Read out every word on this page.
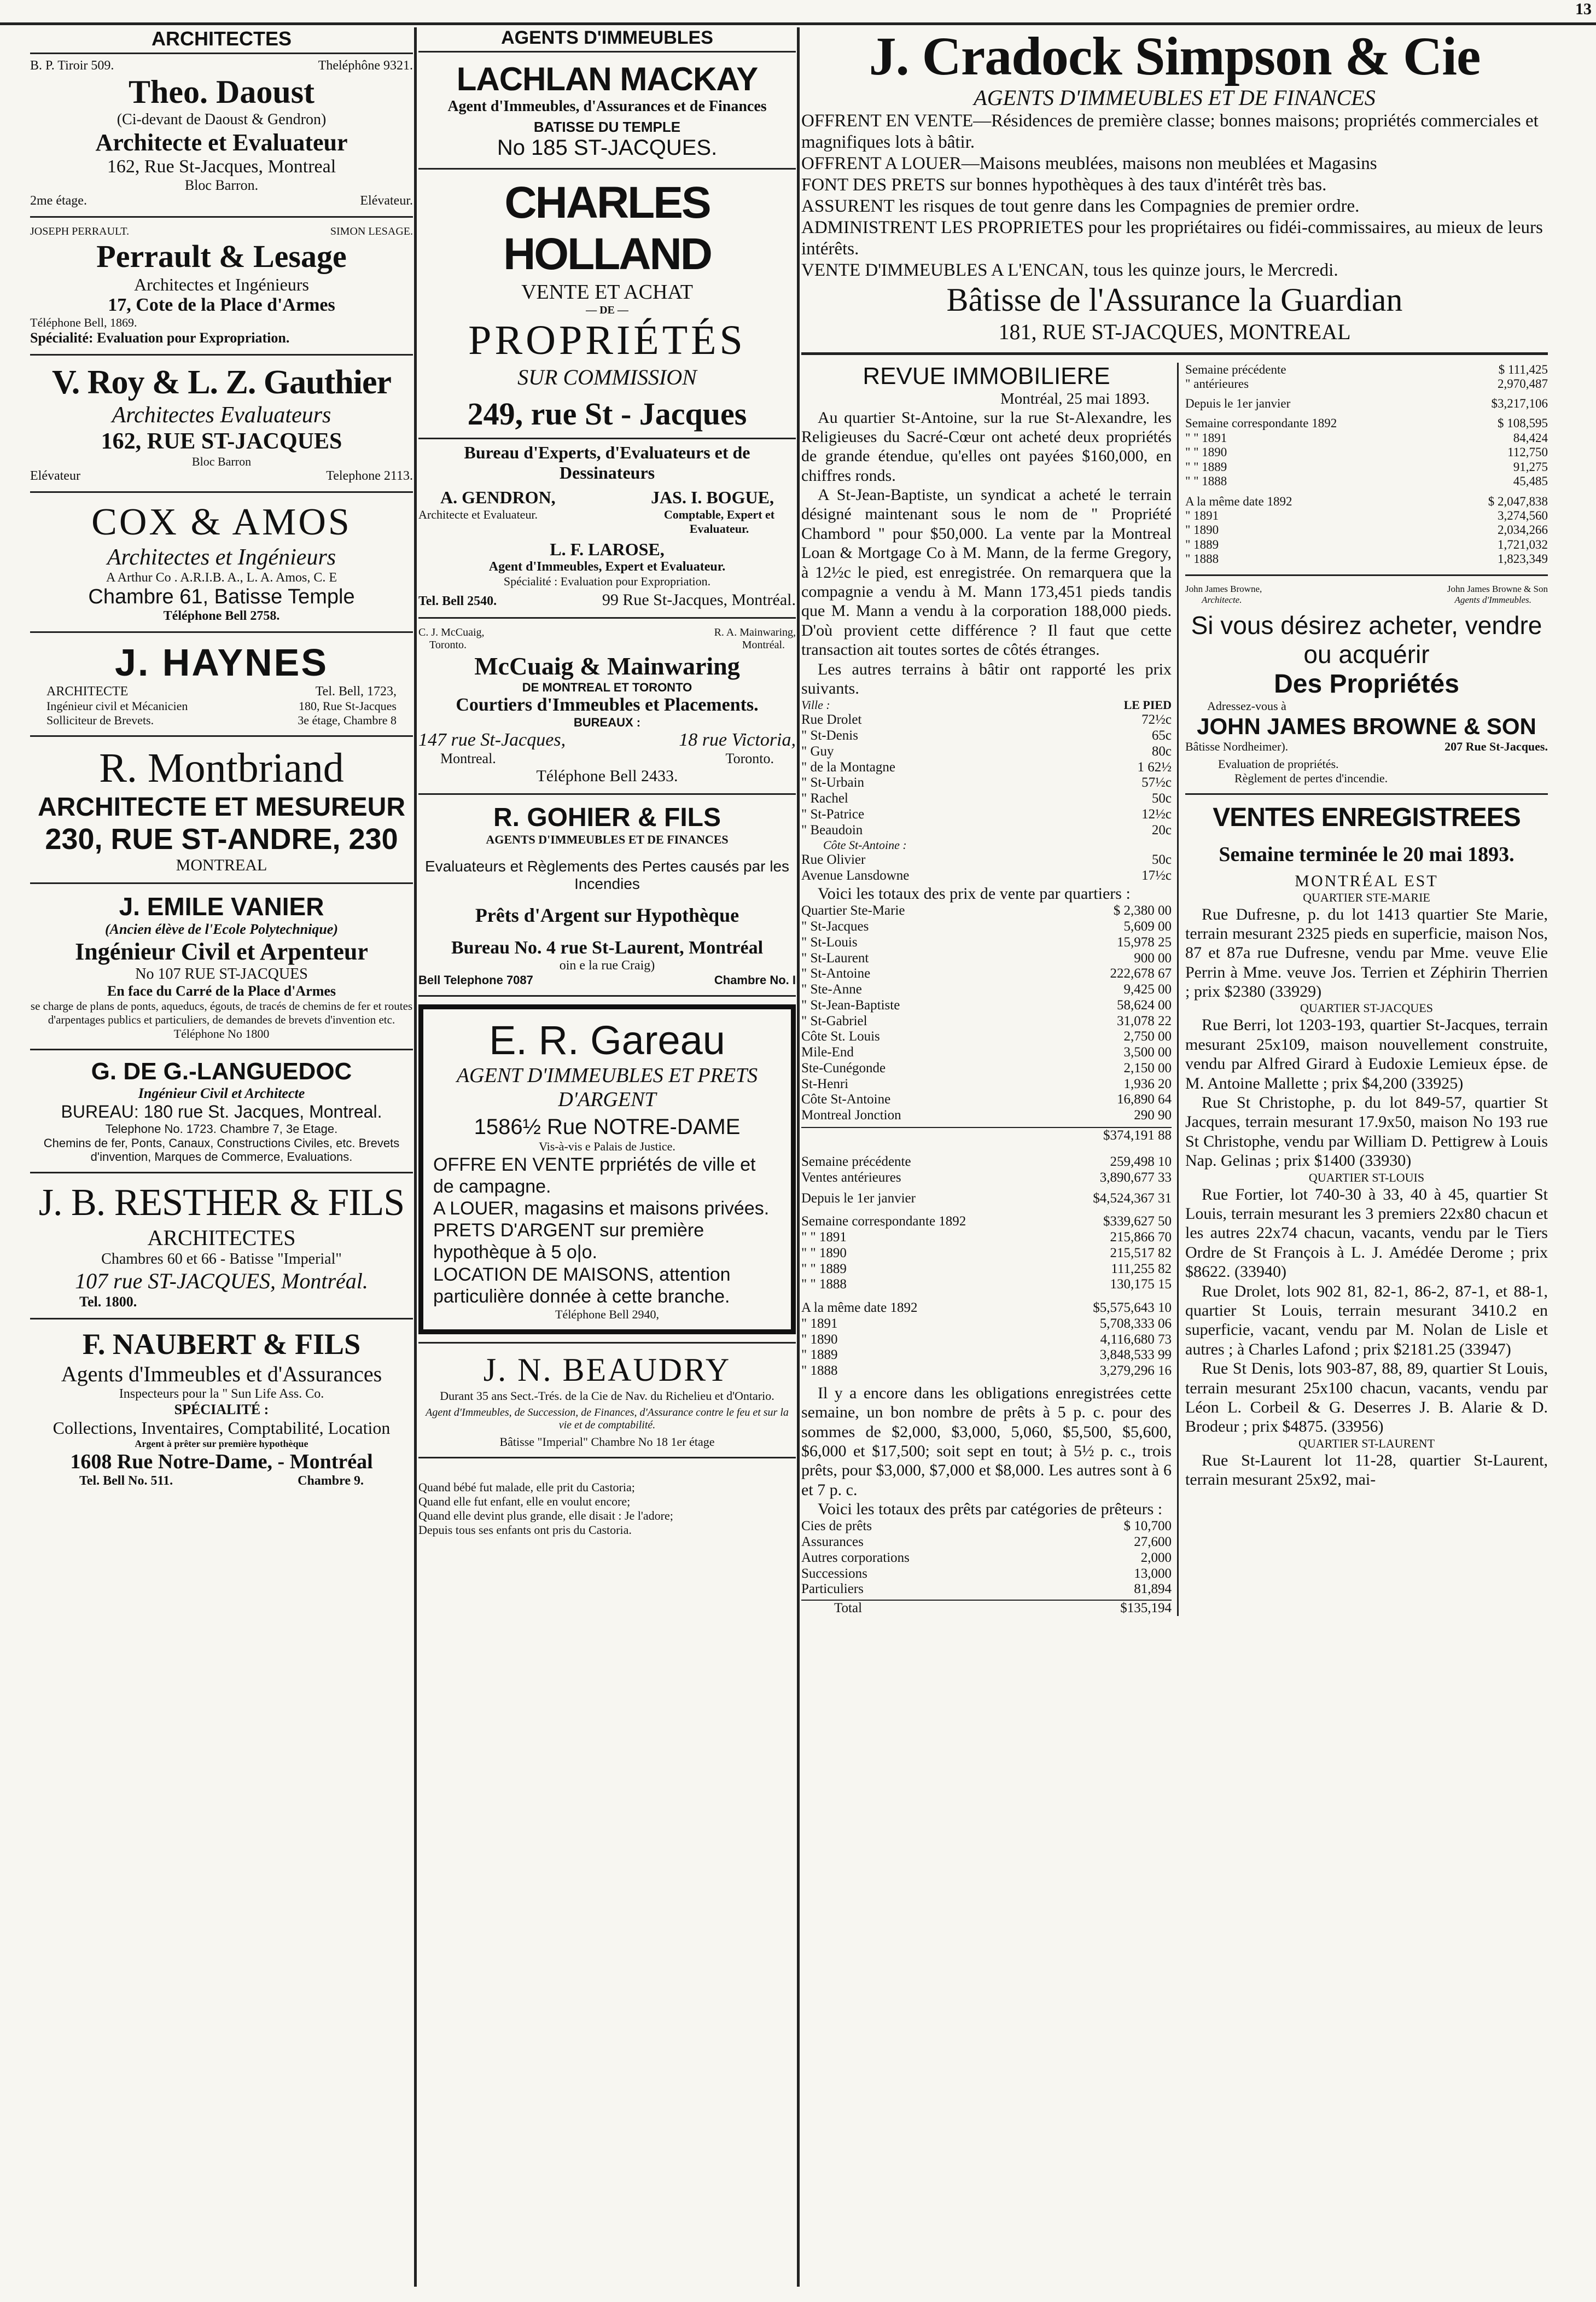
13
ARCHITECTES
B. P. Tiroir 509.	Theléphône 9321.
Theo. Daoust
(Ci-devant de Daoust & Gendron)
Architecte et Evaluateur
162, Rue St-Jacques, Montreal
Bloc Barron.
2me étage.	Elévateur.
JOSEPH PERRAULT.	SIMON LESAGE.
Perrault & Lesage
Architectes et Ingénieurs
17, Cote de la Place d'Armes
Téléphone Bell, 1869.
Spécialité: Evaluation pour Expropriation.
V. Roy & L. Z. Gauthier
Architectes Evaluateurs
162, RUE ST-JACQUES
Bloc Barron
Elévateur	Telephone 2113.
COX & AMOS
Architectes et Ingénieurs
A Arthur Co . A.R.I.B. A., L. A. Amos, C. E
Chambre 61, Batisse Temple
Téléphone Bell 2758.
J. HAYNES
ARCHITECTE	Tel. Bell, 1723,
Ingénieur civil et Mécanicien	180, Rue St-Jacques
Solliciteur de Brevets.	3e étage, Chambre 8
R. Montbriand
ARCHITECTE ET MESUREUR
230, RUE ST-ANDRE, 230
MONTREAL
J. EMILE VANIER
(Ancien élève de l'Ecole Polytechnique)
Ingénieur Civil et Arpenteur
No 107 RUE ST-JACQUES
En face du Carré de la Place d'Armes

se charge de plans de ponts, aqueducs, égouts, de tracés de chemins de fer et routes d'arpentages publics et particuliers, de demandes de brevets d'invention etc.

Téléphone No 1800
G. DE G.-LANGUEDOC
Ingénieur Civil et Architecte
BUREAU: 180 rue St. Jacques, Montreal.
Telephone No. 1723. Chambre 7, 3e Etage.

Chemins de fer, Ponts, Canaux, Constructions Civiles, etc. Brevets d'invention, Marques de Commerce, Evaluations.

J. B. RESTHER & FILS
ARCHITECTES
Chambres 60 et 66 - Batisse "Imperial"
107 rue ST-JACQUES, Montréal.
Tel. 1800.
F. NAUBERT & FILS
Agents d'Immeubles et d'Assurances
Inspecteurs pour la " Sun Life Ass. Co.
SPÉCIALITÉ :
Collections, Inventaires, Comptabilité, Location
Argent à prêter sur première hypothèque
1608 Rue Notre-Dame, - Montréal
Tel. Bell No. 511.	Chambre 9.
AGENTS D'IMMEUBLES
LACHLAN MACKAY
Agent d'Immeubles, d'Assurances et de Finances
BATISSE DU TEMPLE
No 185 ST-JACQUES.
CHARLES HOLLAND
VENTE ET ACHAT
— DE —
PROPRIÉTÉS
SUR COMMISSION
249, rue St - Jacques
Bureau d'Experts, d'Evaluateurs et de Dessinateurs
A. GENDRON,	JAS. I. BOGUE,
Architecte et Evaluateur.	Comptable, Expert et Evaluateur.
L. F. LAROSE,
Agent d'Immeubles, Expert et Evaluateur.
Spécialité : Evaluation pour Expropriation.
Tel. Bell 2540.	99 Rue St-Jacques, Montréal.
C. J. McCuaig,	R. A. Mainwaring,
Toronto.	Montréal.
McCuaig & Mainwaring
DE MONTREAL ET TORONTO
Courtiers d'Immeubles et Placements.
BUREAUX :
147 rue St-Jacques,	18 rue Victoria,
Montreal.	Toronto.
Téléphone Bell 2433.
R. GOHIER & FILS
AGENTS D'IMMEUBLES ET DE FINANCES
Evaluateurs et Règlements des Pertes causés par les Incendies
Prêts d'Argent sur Hypothèque
Bureau No. 4 rue St-Laurent, Montréal
oin e la rue Craig)
Bell Telephone 7087	Chambre No. I
E. R. Gareau
AGENT D'IMMEUBLES ET PRETS D'ARGENT
1586½ Rue NOTRE-DAME
Vis-à-vis e Palais de Justice.

OFFRE EN VENTE prpriétés de ville et de campagne.

A LOUER, magasins et maisons privées.

PRETS D'ARGENT sur première hypothèque à 5 o|o.

LOCATION DE MAISONS, attention particulière donnée à cette branche.

Téléphone Bell 2940,
J. N. BEAUDRY
Durant 35 ans Sect.-Trés. de la Cie de Nav. du Richelieu et d'Ontario.
Agent d'Immeubles, de Succession, de Finances, d'Assurance contre le feu et sur la vie et de comptabilité.
Bâtisse "Imperial" Chambre No 18 1er étage
Quand bébé fut malade, elle prit du Castoria;
Quand elle fut enfant, elle en voulut encore;
Quand elle devint plus grande, elle disait : Je l'adore;
Depuis tous ses enfants ont pris du Castoria.
J. Cradock Simpson & Cie
AGENTS D'IMMEUBLES ET DE FINANCES

OFFRENT EN VENTE—Résidences de première classe; bonnes maisons; propriétés commerciales et magnifiques lots à bâtir.

OFFRENT A LOUER—Maisons meublées, maisons non meublées et Magasins

FONT DES PRETS sur bonnes hypothèques à des taux d'intérêt très bas.

ASSURENT les risques de tout genre dans les Compagnies de premier ordre.

ADMINISTRENT LES PROPRIETES pour les propriétaires ou fidéi-commissaires, au mieux de leurs intérêts.

VENTE D'IMMEUBLES A L'ENCAN, tous les quinze jours, le Mercredi.

Bâtisse de l'Assurance la Guardian
181, RUE ST-JACQUES, MONTREAL
REVUE IMMOBILIERE
Montréal, 25 mai 1893.

Au quartier St-Antoine, sur la rue St-Alexandre, les Religieuses du Sacré-Cœur ont acheté deux propriétés de grande étendue, qu'elles ont payées $160,000, en chiffres ronds.

A St-Jean-Baptiste, un syndicat a acheté le terrain désigné maintenant sous le nom de " Propriété Chambord " pour $50,000. La vente par la Montreal Loan & Mortgage Co à M. Mann, de la ferme Gregory, à 12½c le pied, est enregistrée. On remarquera que la compagnie a vendu à M. Mann 173,451 pieds tandis que M. Mann a vendu à la corporation 188,000 pieds. D'où provient cette différence ? Il faut que cette transaction ait toutes sortes de côtés étranges.

Les autres terrains à bâtir ont rapporté les prix suivants.

Ville :	LE PIED
Rue Drolet	72½c
" St-Denis	65c
" Guy	80c
" de la Montagne	1 62½
" St-Urbain	57½c
" Rachel	50c
" St-Patrice	12½c
" Beaudoin	20c
Côte St-Antoine :
Rue Olivier	50c
Avenue Lansdowne	17½c

Voici les totaux des prix de vente par quartiers :

Quartier Ste-Marie	$ 2,380 00
" St-Jacques	5,609 00
" St-Louis	15,978 25
" St-Laurent	900 00
" St-Antoine	222,678 67
" Ste-Anne	9,425 00
" St-Jean-Baptiste	58,624 00
" St-Gabriel	31,078 22
Côte St. Louis	2,750 00
Mile-End	3,500 00
Ste-Cunégonde	2,150 00
St-Henri	1,936 20
Côte St-Antoine	16,890 64
Montreal Jonction	290 90
$374,191 88
Semaine précédente	259,498 10
Ventes antérieures	3,890,677 33
Depuis le 1er janvier	$4,524,367 31
Semaine correspondante 1892	$339,627 50
" " 1891	215,866 70
" " 1890	215,517 82
" " 1889	111,255 82
" " 1888	130,175 15
A la même date 1892	$5,575,643 10
" 1891	5,708,333 06
" 1890	4,116,680 73
" 1889	3,848,533 99
" 1888	3,279,296 16

Il y a encore dans les obligations enregistrées cette semaine, un bon nombre de prêts à 5 p. c. pour des sommes de $2,000, $3,000, 5,060, $5,500, $5,600, $6,000 et $17,500; soit sept en tout; à 5½ p. c., trois prêts, pour $3,000, $7,000 et $8,000. Les autres sont à 6 et 7 p. c.

Voici les totaux des prêts par catégories de prêteurs :

Cies de prêts	$ 10,700
Assurances	27,600
Autres corporations	2,000
Successions	13,000
Particuliers	81,894
Total	$135,194
Semaine précédente	$ 111,425
" antérieures	2,970,487
Depuis le 1er janvier	$3,217,106
Semaine correspondante 1892	$ 108,595
" " 1891	84,424
" " 1890	112,750
" " 1889	91,275
" " 1888	45,485
A la même date 1892	$ 2,047,838
" 1891	3,274,560
" 1890	2,034,266
" 1889	1,721,032
" 1888	1,823,349
John James Browne,	John James Browne & Son
Architecte.	Agents d'Immeubles.
Si vous désirez acheter, vendre ou acquérir
Des Propriétés
Adressez-vous à
JOHN JAMES BROWNE & SON
Bâtisse Nordheimer).	207 Rue St-Jacques.
Evaluation de propriétés.
Règlement de pertes d'incendie.
VENTES ENREGISTREES
Semaine terminée le 20 mai 1893.
MONTRÉAL EST
QUARTIER STE-MARIE

Rue Dufresne, p. du lot 1413 quartier Ste Marie, terrain mesurant 2325 pieds en superficie, maison Nos, 87 et 87a rue Dufresne, vendu par Mme. veuve Elie Perrin à Mme. veuve Jos. Terrien et Zéphirin Therrien ; prix $2380 (33929)

QUARTIER ST-JACQUES

Rue Berri, lot 1203-193, quartier St-Jacques, terrain mesurant 25x109, maison nouvellement construite, vendu par Alfred Girard à Eudoxie Lemieux épse. de M. Antoine Mallette ; prix $4,200 (33925)

Rue St Christophe, p. du lot 849-57, quartier St Jacques, terrain mesurant 17.9x50, maison No 193 rue St Christophe, vendu par William D. Pettigrew à Louis Nap. Gelinas ; prix $1400 (33930)

QUARTIER ST-LOUIS

Rue Fortier, lot 740-30 à 33, 40 à 45, quartier St Louis, terrain mesurant les 3 premiers 22x80 chacun et les autres 22x74 chacun, vacants, vendu par le Tiers Ordre de St François à L. J. Amédée Derome ; prix $8622. (33940)

Rue Drolet, lots 902 81, 82-1, 86-2, 87-1, et 88-1, quartier St Louis, terrain mesurant 3410.2 en superficie, vacant, vendu par M. Nolan de Lisle et autres ; à Charles Lafond ; prix $2181.25 (33947)

Rue St Denis, lots 903-87, 88, 89, quartier St Louis, terrain mesurant 25x100 chacun, vacants, vendu par Léon L. Corbeil & G. Deserres J. B. Alarie & D. Brodeur ; prix $4875. (33956)

QUARTIER ST-LAURENT

Rue St-Laurent lot 11-28, quartier St-Laurent, terrain mesurant 25x92, mai-
